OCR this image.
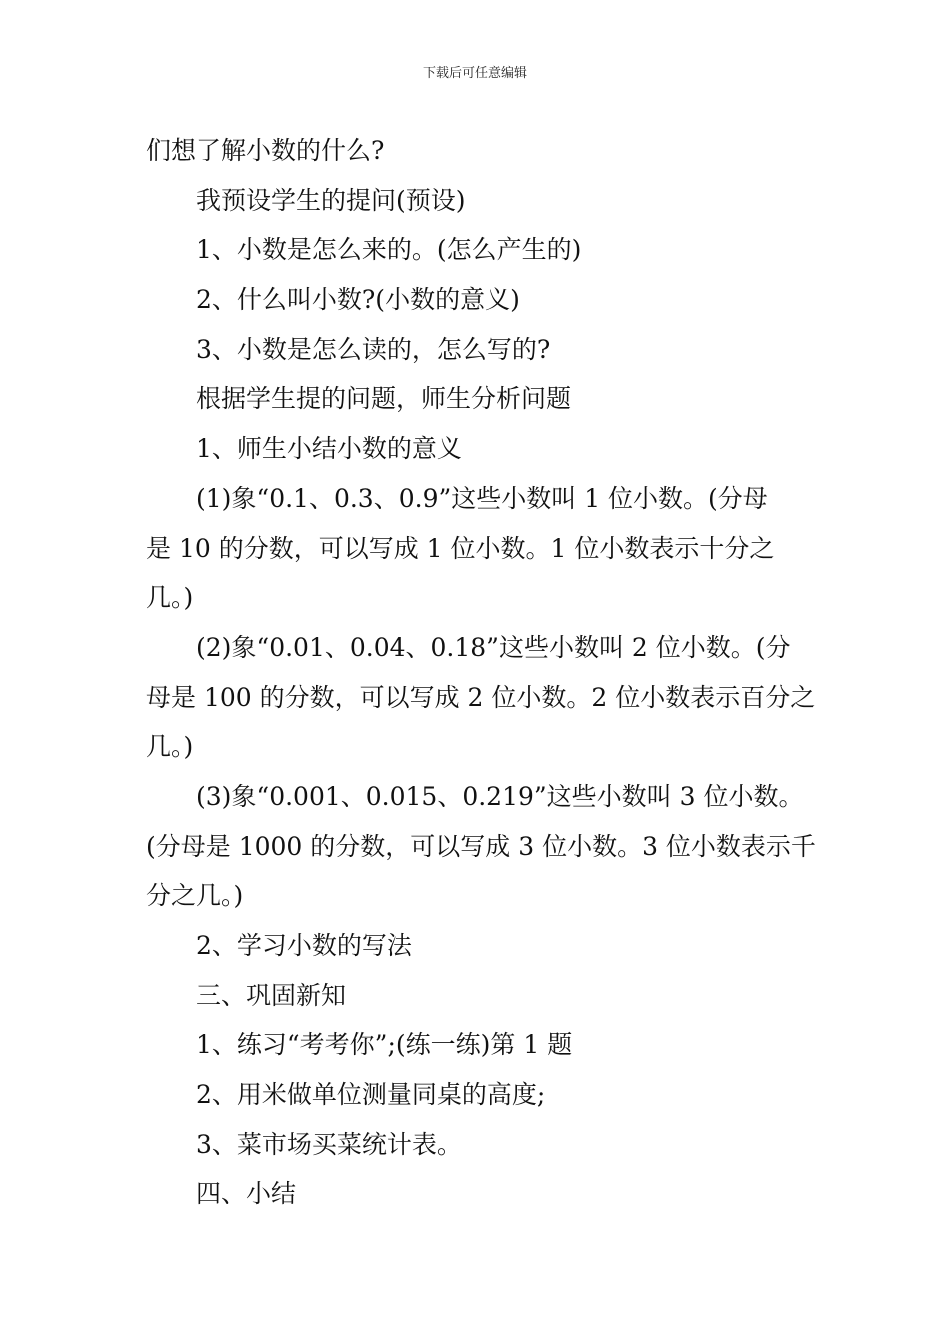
下载后可任意编辑

们想了解小数的什么?

我预设学生的提问(预设)

1、小数是怎么来的。(怎么产生的)

2、什么叫小数?(小数的意义)

3、小数是怎么读的，怎么写的?

根据学生提的问题，师生分析问题

1、师生小结小数的意义

(1)象“0.1、0.3、0.9”这些小数叫 1 位小数。(分母

是 10 的分数，可以写成 1 位小数。1 位小数表示十分之

几。)

(2)象“0.01、0.04、0.18”这些小数叫 2 位小数。(分

母是 100 的分数，可以写成 2 位小数。2 位小数表示百分之

几。)

(3)象“0.001、0.015、0.219”这些小数叫 3 位小数。

(分母是 1000 的分数，可以写成 3 位小数。3 位小数表示千

分之几。)

2、学习小数的写法

三、巩固新知

1、练习“考考你”;(练一练)第 1 题

2、用米做单位测量同桌的高度;

3、菜市场买菜统计表。

四、小结
